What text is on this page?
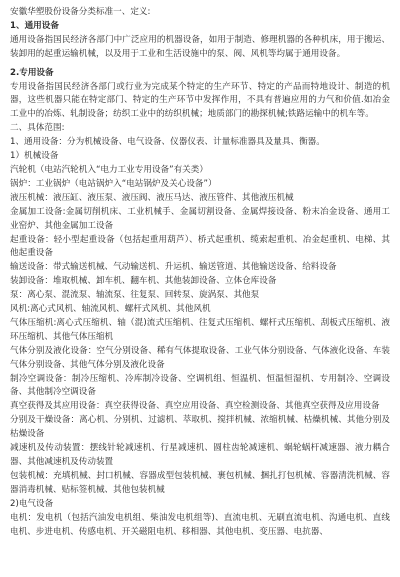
安徽华塑股份设备分类标准一、定义:

1、通用设备

通用设备指国民经济各部门中广泛应用的机器设备，如用于制造、修理机器的各种机床，用于搬运、装卸用的起重运输机械，以及用于工业和生活设施中的泵、阀、风机等均属于通用设备。

2.专用设备

专用设备指国民经济各部门或行业为完成某个特定的生产环节、特定的产品而特地设计、制造的机器，这些机器只能在特定部门、特定的生产环节中发挥作用，不具有普遍应用的力气和价值.如冶金工业中的冶炼、轧制设备；纺织工业中的纺织机械；地质部门的勘探机械;铁路运输中的机车等。

二、具体范围:

1、通用设备：分为机械设备、电气设备、仪器仪表、计量标准器具及量具、衡器。

1）机械设备

汽轮机（电站汽轮机入“电力工业专用设备”有关类）

锅炉：工业锅炉（电站锅炉入“电站锅炉及关心设备”）

液压机械：液压缸、液压泵、液压阀、液压马达、液压管件、其他液压机械

金属加工设备:金属切削机床、工业机械手、金属切割设备、金属焊接设备、粉末冶金设备、通用工业窑炉、其他金属加工设备

起重设备：轻小型起重设备（包括起重用葫芦）、桥式起重机、缆索起重机、冶金起重机、电梯、其他起重设备

输送设备：带式输送机械、气动输送机、升运机、输送管道、其他输送设备、给料设备

装卸设备：堆取机械、卸车机、翻车机、其他装卸设备、立体仓库设备

泵：离心泵、混流泵、轴流泵、往复泵、回转泵、旋涡泵、其他泵

风机:离心式风机、轴流风机、螺杆式风机、其他风机

气体压缩机:离心式压缩机、轴（混)流式压缩机、往复式压缩机、螺杆式压缩机、刮板式压缩机、液环压缩机、其他气体压缩机

气体分别及液化设备：空气分别设备、稀有气体提取设备、工业气体分别设备、气体液化设备、车装气体分别设备、其他气体分别及液化设备

制冷空调设备：制冷压缩机、冷库制冷设备、空调机组、恒温机、恒温恒湿机、专用制冷、空调设备、其他制冷空调设备

真空获得及其应用设备：真空获得设备、真空应用设备、真空检测设备、其他真空获得及应用设备

分别及干燥设备：离心机、分别机、过滤机、萃取机、搅拌机械、浓缩机械、枯燥机械、其他分别及枯燥设备

减速机及传动装置：摆线针轮减速机、行星减速机、圆柱齿轮减速机、蜗轮蜗杆减速器、液力耦合器、其他减速机及传动装置

包装机械：充填机械、封口机械、容器成型包装机械、裹包机械、捆扎打包机械、容器清洗机械、容器消毒机械、贴标签机械、其他包装机械

2)电气设备

电机：发电机（包括汽油发电机组、柴油发电机组等)、直流电机、无刷直流电机、沟通电机、直线电机、步进电机、传感电机、开关磁阻电机、移相器、其他电机、变压器、电抗器、
